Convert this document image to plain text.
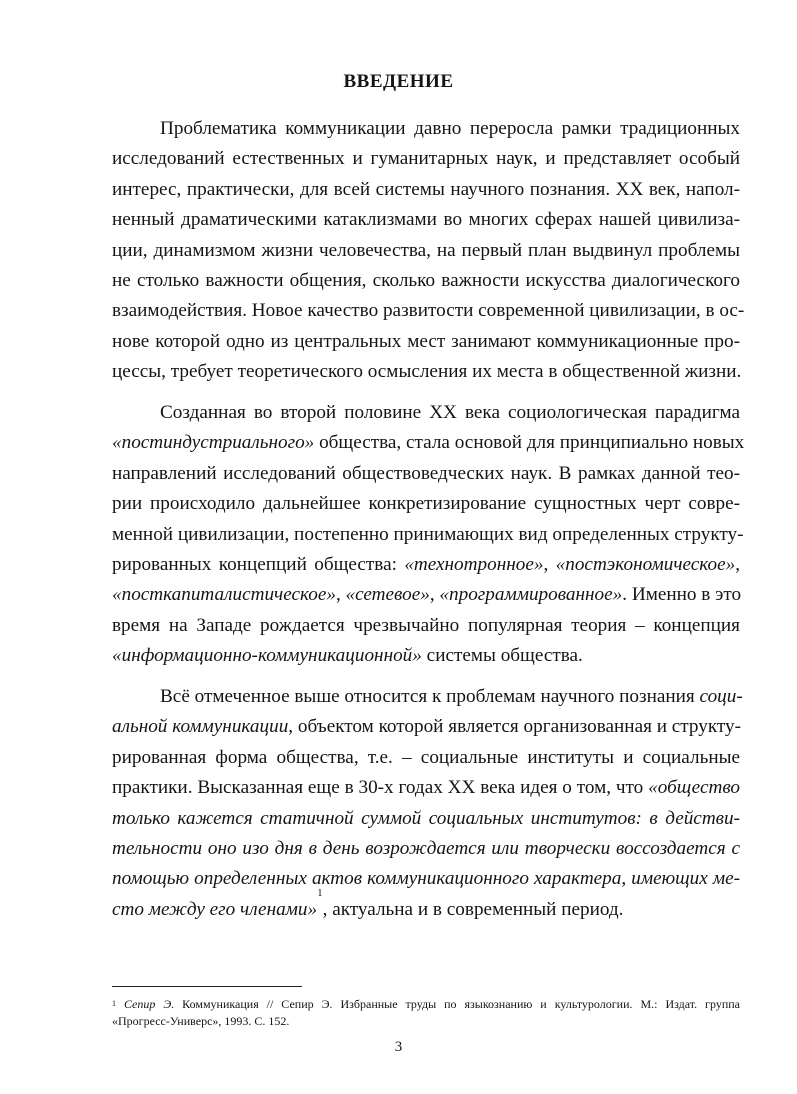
ВВЕДЕНИЕ
Проблематика коммуникации давно переросла рамки традиционных
исследований естественных и гуманитарных наук, и представляет особый
интерес, практически, для всей системы научного познания. XX век, напол-
ненный драматическими катаклизмами во многих сферах нашей цивилиза-
ции, динамизмом жизни человечества, на первый план выдвинул проблемы
не столько важности общения, сколько важности искусства диалогического
взаимодействия. Новое качество развитости современной цивилизации, в ос-
нове которой одно из центральных мест занимают коммуникационные про-
цессы, требует теоретического осмысления их места в общественной жизни.
Созданная во второй половине XX века социологическая парадигма
«постиндустриального» общества, стала основой для принципиально новых
направлений исследований обществоведческих наук. В рамках данной тео-
рии происходило дальнейшее конкретизирование сущностных черт совре-
менной цивилизации, постепенно принимающих вид определенных структу-
рированных концепций общества: «технотронное», «постэкономическое»,
«посткапиталистическое», «сетевое», «программированное». Именно в это
время на Западе рождается чрезвычайно популярная теория – концепция
«информационно-коммуникационной» системы общества.
Всё отмеченное выше относится к проблемам научного познания соци-
альной коммуникации, объектом которой является организованная и структу-
рированная форма общества, т.е. – социальные институты и социальные
практики. Высказанная еще в 30-х годах XX века идея о том, что «общество
только кажется статичной суммой социальных институтов: в действи-
тельности оно изо дня в день возрождается или творчески воссоздается с
помощью определенных актов коммуникационного характера, имеющих ме-
сто между его членами»$^1$, актуальна и в современный период.
$^1$ Сепир Э. Коммуникация // Сепир Э. Избранные труды по языкознанию и культурологии. М.: Издат. группа
«Прогресс-Универс», 1993. С. 152.
3
